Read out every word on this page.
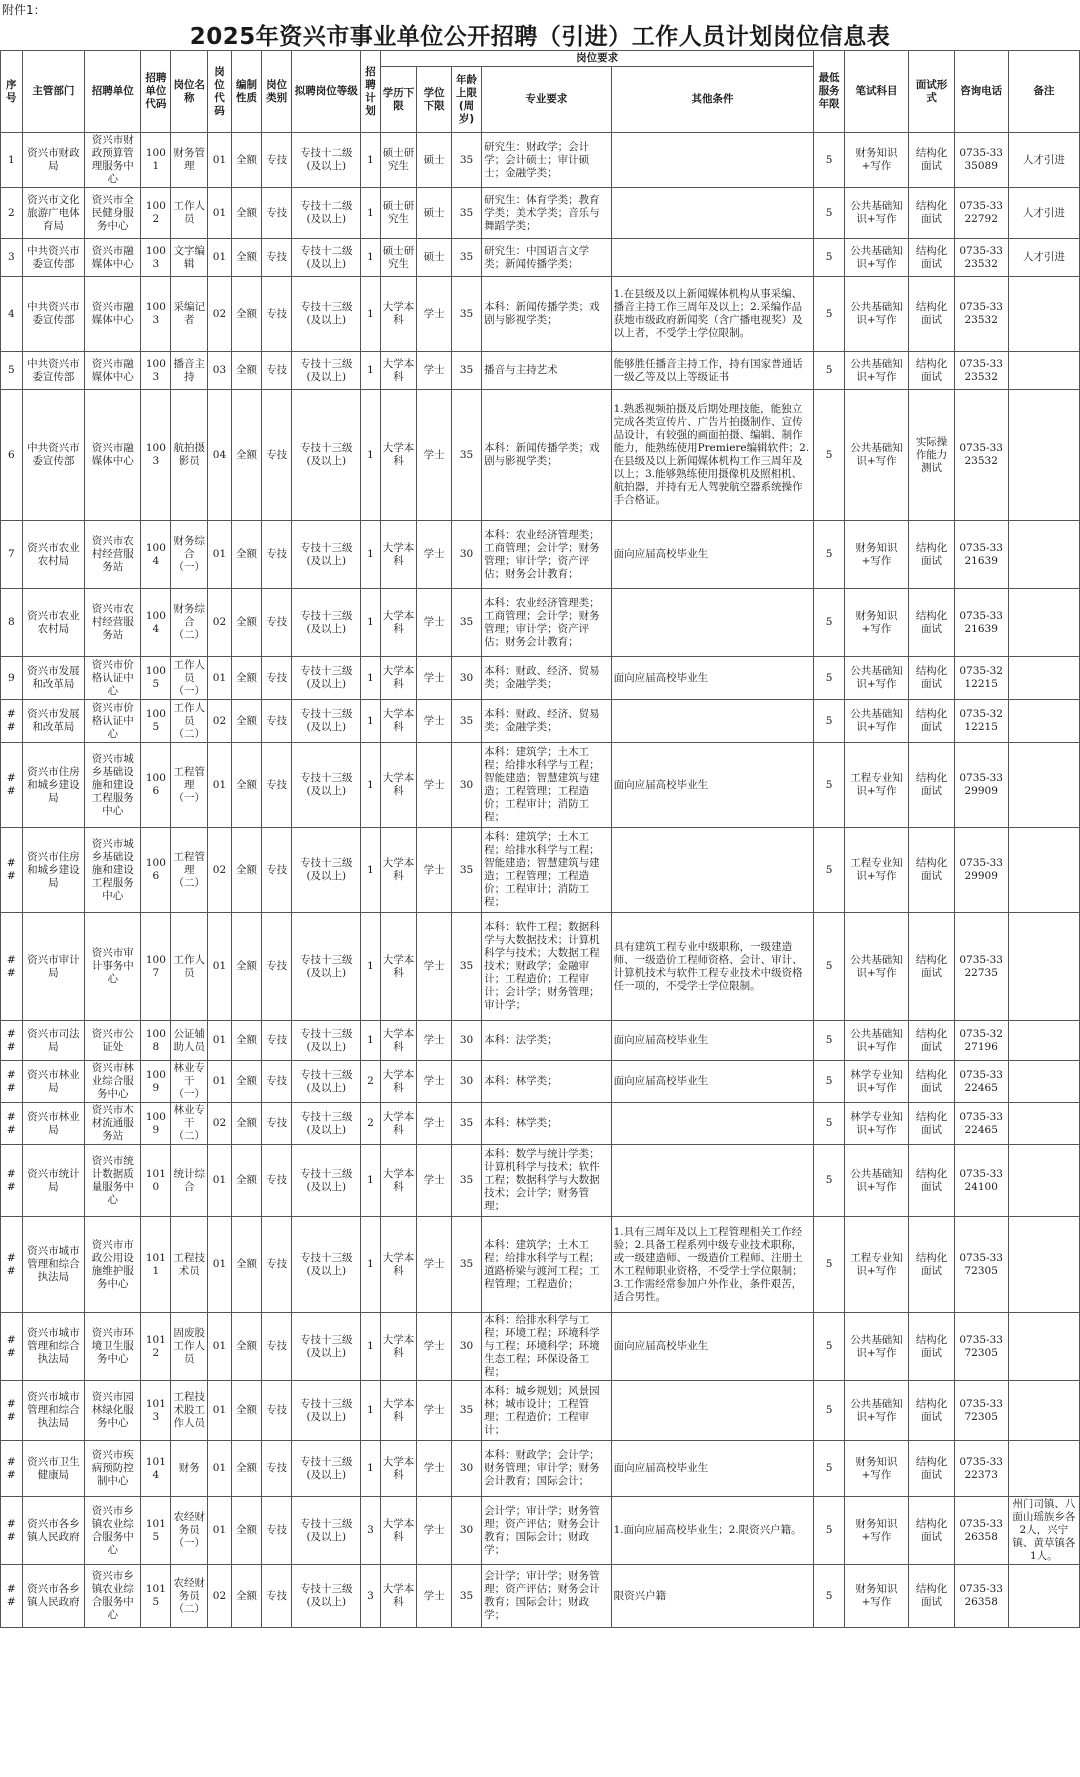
附件1：
2025年资兴市事业单位公开招聘（引进）工作人员计划岗位信息表
序号	主管部门	招聘单位	招聘单位代码	岗位名称	岗位代码	编制性质	岗位类别	拟聘岗位等级	招聘计划	岗位要求					最低服务年限	笔试科目	面试形式	咨询电话	备注
										学历下限	学位下限	年龄上限(周岁)	专业要求	其他条件					
1	资兴市财政局	资兴市财政预算管理服务中心	1001	财务管理	01	全额	专技	专技十二级(及以上)	1	硕士研究生	硕士	35	研究生：财政学；会计学；会计硕士；审计硕士；金融学类；		5	财务知识+写作	结构化面试	0735-3335089	人才引进
2	资兴市文化旅游广电体育局	资兴市全民健身服务中心	1002	工作人员	01	全额	专技	专技十二级(及以上)	1	硕士研究生	硕士	35	研究生：体育学类；教育学类；美术学类；音乐与舞蹈学类；		5	公共基础知识+写作	结构化面试	0735-3322792	人才引进
3	中共资兴市委宣传部	资兴市融媒体中心	1003	文字编辑	01	全额	专技	专技十二级(及以上)	1	硕士研究生	硕士	35	研究生：中国语言文学类；新闻传播学类；		5	公共基础知识+写作	结构化面试	0735-3323532	人才引进
4	中共资兴市委宣传部	资兴市融媒体中心	1003	采编记者	02	全额	专技	专技十三级(及以上)	1	大学本科	学士	35	本科：新闻传播学类；戏剧与影视学类；	1.在县级及以上新闻媒体机构从事采编、播音主持工作三周年及以上；2.采编作品获地市级政府新闻奖（含广播电视奖）及以上者，不受学士学位限制。	5	公共基础知识+写作	结构化面试	0735-3323532	
5	中共资兴市委宣传部	资兴市融媒体中心	1003	播音主持	03	全额	专技	专技十三级(及以上)	1	大学本科	学士	35	播音与主持艺术	能够胜任播音主持工作，持有国家普通话一级乙等及以上等级证书	5	公共基础知识+写作	结构化面试	0735-3323532	
6	中共资兴市委宣传部	资兴市融媒体中心	1003	航拍摄影员	04	全额	专技	专技十三级(及以上)	1	大学本科	学士	35	本科：新闻传播学类；戏剧与影视学类；	1.熟悉视频拍摄及后期处理技能，能独立完成各类宣传片、广告片拍摄制作、宣传品设计，有较强的画面拍摄、编辑、制作能力，能熟练使用Premiere编辑软件；2.在县级及以上新闻媒体机构工作三周年及以上；3.能够熟练使用摄像机及照相机、航拍器，并持有无人驾驶航空器系统操作手合格证。	5	公共基础知识+写作	实际操作能力测试	0735-3323532	
7	资兴市农业农村局	资兴市农村经营服务站	1004	财务综合（一）	01	全额	专技	专技十三级(及以上)	1	大学本科	学士	30	本科：农业经济管理类；工商管理；会计学；财务管理；审计学；资产评估；财务会计教育；	面向应届高校毕业生	5	财务知识+写作	结构化面试	0735-3321639	
8	资兴市农业农村局	资兴市农村经营服务站	1004	财务综合（二）	02	全额	专技	专技十三级(及以上)	1	大学本科	学士	35	本科：农业经济管理类；工商管理；会计学；财务管理；审计学；资产评估；财务会计教育；		5	财务知识+写作	结构化面试	0735-3321639	
9	资兴市发展和改革局	资兴市价格认证中心	1005	工作人员（一）	01	全额	专技	专技十三级(及以上)	1	大学本科	学士	30	本科：财政、经济、贸易类；金融学类；	面向应届高校毕业生	5	公共基础知识+写作	结构化面试	0735-3212215	
##	资兴市发展和改革局	资兴市价格认证中心	1005	工作人员（二）	02	全额	专技	专技十三级(及以上)	1	大学本科	学士	35	本科：财政、经济、贸易类；金融学类；		5	公共基础知识+写作	结构化面试	0735-3212215	
##	资兴市住房和城乡建设局	资兴市城乡基础设施和建设工程服务中心	1006	工程管理（一）	01	全额	专技	专技十三级(及以上)	1	大学本科	学士	30	本科：建筑学；土木工程；给排水科学与工程；智能建造；智慧建筑与建造；工程管理；工程造价；工程审计；消防工程；	面向应届高校毕业生	5	工程专业知识+写作	结构化面试	0735-3329909	
##	资兴市住房和城乡建设局	资兴市城乡基础设施和建设工程服务中心	1006	工程管理（二）	02	全额	专技	专技十三级(及以上)	1	大学本科	学士	35	本科：建筑学；土木工程；给排水科学与工程；智能建造；智慧建筑与建造；工程管理；工程造价；工程审计；消防工程；		5	工程专业知识+写作	结构化面试	0735-3329909	
##	资兴市审计局	资兴市审计事务中心	1007	工作人员	01	全额	专技	专技十三级(及以上)	1	大学本科	学士	35	本科：软件工程；数据科学与大数据技术；计算机科学与技术；大数据工程技术；财政学；金融审计；工程造价；工程审计；会计学；财务管理；审计学；	具有建筑工程专业中级职称，一级建造师、一级造价工程师资格、会计、审计、计算机技术与软件工程专业技术中级资格任一项的，不受学士学位限制。	5	公共基础知识+写作	结构化面试	0735-3322735	
##	资兴市司法局	资兴市公证处	1008	公证辅助人员	01	全额	专技	专技十三级(及以上)	1	大学本科	学士	30	本科：法学类；	面向应届高校毕业生	5	公共基础知识+写作	结构化面试	0735-3227196	
##	资兴市林业局	资兴市林业综合服务中心	1009	林业专干（一）	01	全额	专技	专技十三级(及以上)	2	大学本科	学士	30	本科：林学类；	面向应届高校毕业生	5	林学专业知识+写作	结构化面试	0735-3322465	
##	资兴市林业局	资兴市木材流通服务站	1009	林业专干（二）	02	全额	专技	专技十三级(及以上)	2	大学本科	学士	35	本科：林学类；		5	林学专业知识+写作	结构化面试	0735-3322465	
##	资兴市统计局	资兴市统计数据质量服务中心	1010	统计综合	01	全额	专技	专技十三级(及以上)	1	大学本科	学士	35	本科：数学与统计学类；计算机科学与技术；软件工程；数据科学与大数据技术；会计学；财务管理；		5	公共基础知识+写作	结构化面试	0735-3324100	
##	资兴市城市管理和综合执法局	资兴市市政公用设施维护服务中心	1011	工程技术员	01	全额	专技	专技十三级(及以上)	1	大学本科	学士	35	本科：建筑学；土木工程；给排水科学与工程；道路桥梁与渡河工程；工程管理；工程造价；	1.具有三周年及以上工程管理相关工作经验；2.具备工程系列中级专业技术职称，或一级建造师、一级造价工程师、注册土木工程师职业资格，不受学士学位限制；3.工作需经常参加户外作业，条件艰苦，适合男性。	5	工程专业知识+写作	结构化面试	0735-3372305	
##	资兴市城市管理和综合执法局	资兴市环境卫生服务中心	1012	固废股工作人员	01	全额	专技	专技十三级(及以上)	1	大学本科	学士	30	本科：给排水科学与工程；环境工程；环境科学与工程；环境科学；环境生态工程；环保设备工程；	面向应届高校毕业生	5	公共基础知识+写作	结构化面试	0735-3372305	
##	资兴市城市管理和综合执法局	资兴市园林绿化服务中心	1013	工程技术股工作人员	01	全额	专技	专技十三级(及以上)	1	大学本科	学士	35	本科：城乡规划；风景园林；城市设计；工程管理；工程造价；工程审计；		5	公共基础知识+写作	结构化面试	0735-3372305	
##	资兴市卫生健康局	资兴市疾病预防控制中心	1014	财务	01	全额	专技	专技十三级(及以上)	1	大学本科	学士	30	本科：财政学；会计学；财务管理；审计学；财务会计教育；国际会计；	面向应届高校毕业生	5	财务知识+写作	结构化面试	0735-3322373	
##	资兴市各乡镇人民政府	资兴市乡镇农业综合服务中心	1015	农经财务员（一）	01	全额	专技	专技十三级(及以上)	3	大学本科	学士	30	会计学；审计学；财务管理；资产评估；财务会计教育；国际会计；财政学；	1.面向应届高校毕业生；2.限资兴户籍。	5	财务知识+写作	结构化面试	0735-3326358	州门司镇、八面山瑶族乡各2人，兴宁镇、黄草镇各1人。
##	资兴市各乡镇人民政府	资兴市乡镇农业综合服务中心	1015	农经财务员（二）	02	全额	专技	专技十三级(及以上)	3	大学本科	学士	35	会计学；审计学；财务管理；资产评估；财务会计教育；国际会计；财政学；	限资兴户籍	5	财务知识+写作	结构化面试	0735-3326358	
